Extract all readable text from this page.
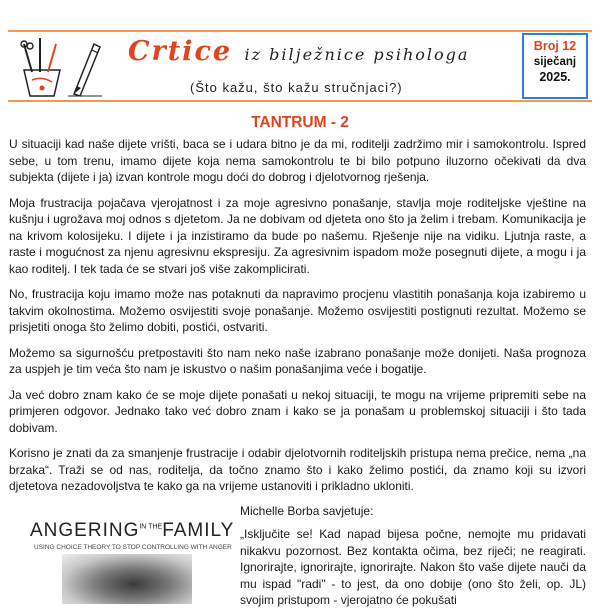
Crtice iz bilježnice psihologa
(Što kažu, što kažu stručnjaci?)
Broj 12
siječanj
2025.
TANTRUM - 2

U situaciji kad naše dijete vrišti, baca se i udara bitno je da mi, roditelji zadržimo mir i samokontrolu. Ispred sebe, u tom trenu, imamo dijete koja nema samokontrolu te bi bilo potpuno iluzorno očekivati da dva subjekta (dijete i ja) izvan kontrole mogu doći do dobrog i djelotvornog rješenja.

Moja frustracija pojačava vjerojatnost i za moje agresivno ponašanje, stavlja moje roditeljske vještine na kušnju i ugrožava moj odnos s djetetom. Ja ne dobivam od djeteta ono što ja želim i trebam. Komunikacija je na krivom kolosijeku. I dijete i ja inzistiramo da bude po našemu. Rješenje nije na vidiku. Ljutnja raste, a raste i mogućnost za njenu agresivnu ekspresiju. Za agresivnim ispadom može posegnuti dijete, a mogu i ja kao roditelj. I tek tada će se stvari još više zakomplicirati.

No, frustracija koju imamo može nas potaknuti da napravimo procjenu vlastitih ponašanja koja izabiremo u takvim okolnostima. Možemo osvijestiti svoje ponašanje. Možemo osvijestiti postignuti rezultat. Možemo se prisjetiti onoga što želimo dobiti, postići, ostvariti.

Možemo sa sigurnošću pretpostaviti što nam neko naše izabrano ponašanje može donijeti. Naša prognoza za uspjeh je tim veća što nam je iskustvo o našim ponašanjima veće i bogatije.

Ja već dobro znam kako će se moje dijete ponašati u nekoj situaciji, te mogu na vrijeme pripremiti sebe na primjeren odgovor. Jednako tako već dobro znam i kako se ja ponašam u problemskoj situaciji i što tada dobivam.

Korisno je znati da za smanjenje frustracije i odabir djelotvornih roditeljskih pristupa nema prečice, nema „na brzaka“. Traži se od nas, roditelja, da točno znamo što i kako želimo postići, da znamo koji su izvori djetetova nezadovoljstva te kako ga na vrijeme ustanoviti i prikladno ukloniti.

$ANGERING^{IN THE}FAMILY$
USING CHOICE THEORY TO STOP CONTROLLING WITH ANGER
Michelle Borba savjetuje:
„Isključite se! Kad napad bijesa počne, nemojte mu pridavati nikakvu pozornost. Bez kontakta očima, bez riječi; ne reagirati. Ignorirajte, ignorirajte, ignorirajte. Nakon što vaše dijete nauči da mu ispad "radi" - to jest, da ono dobije (ono što želi, op. JL) svojim pristupom - vjerojatno će pokušati
